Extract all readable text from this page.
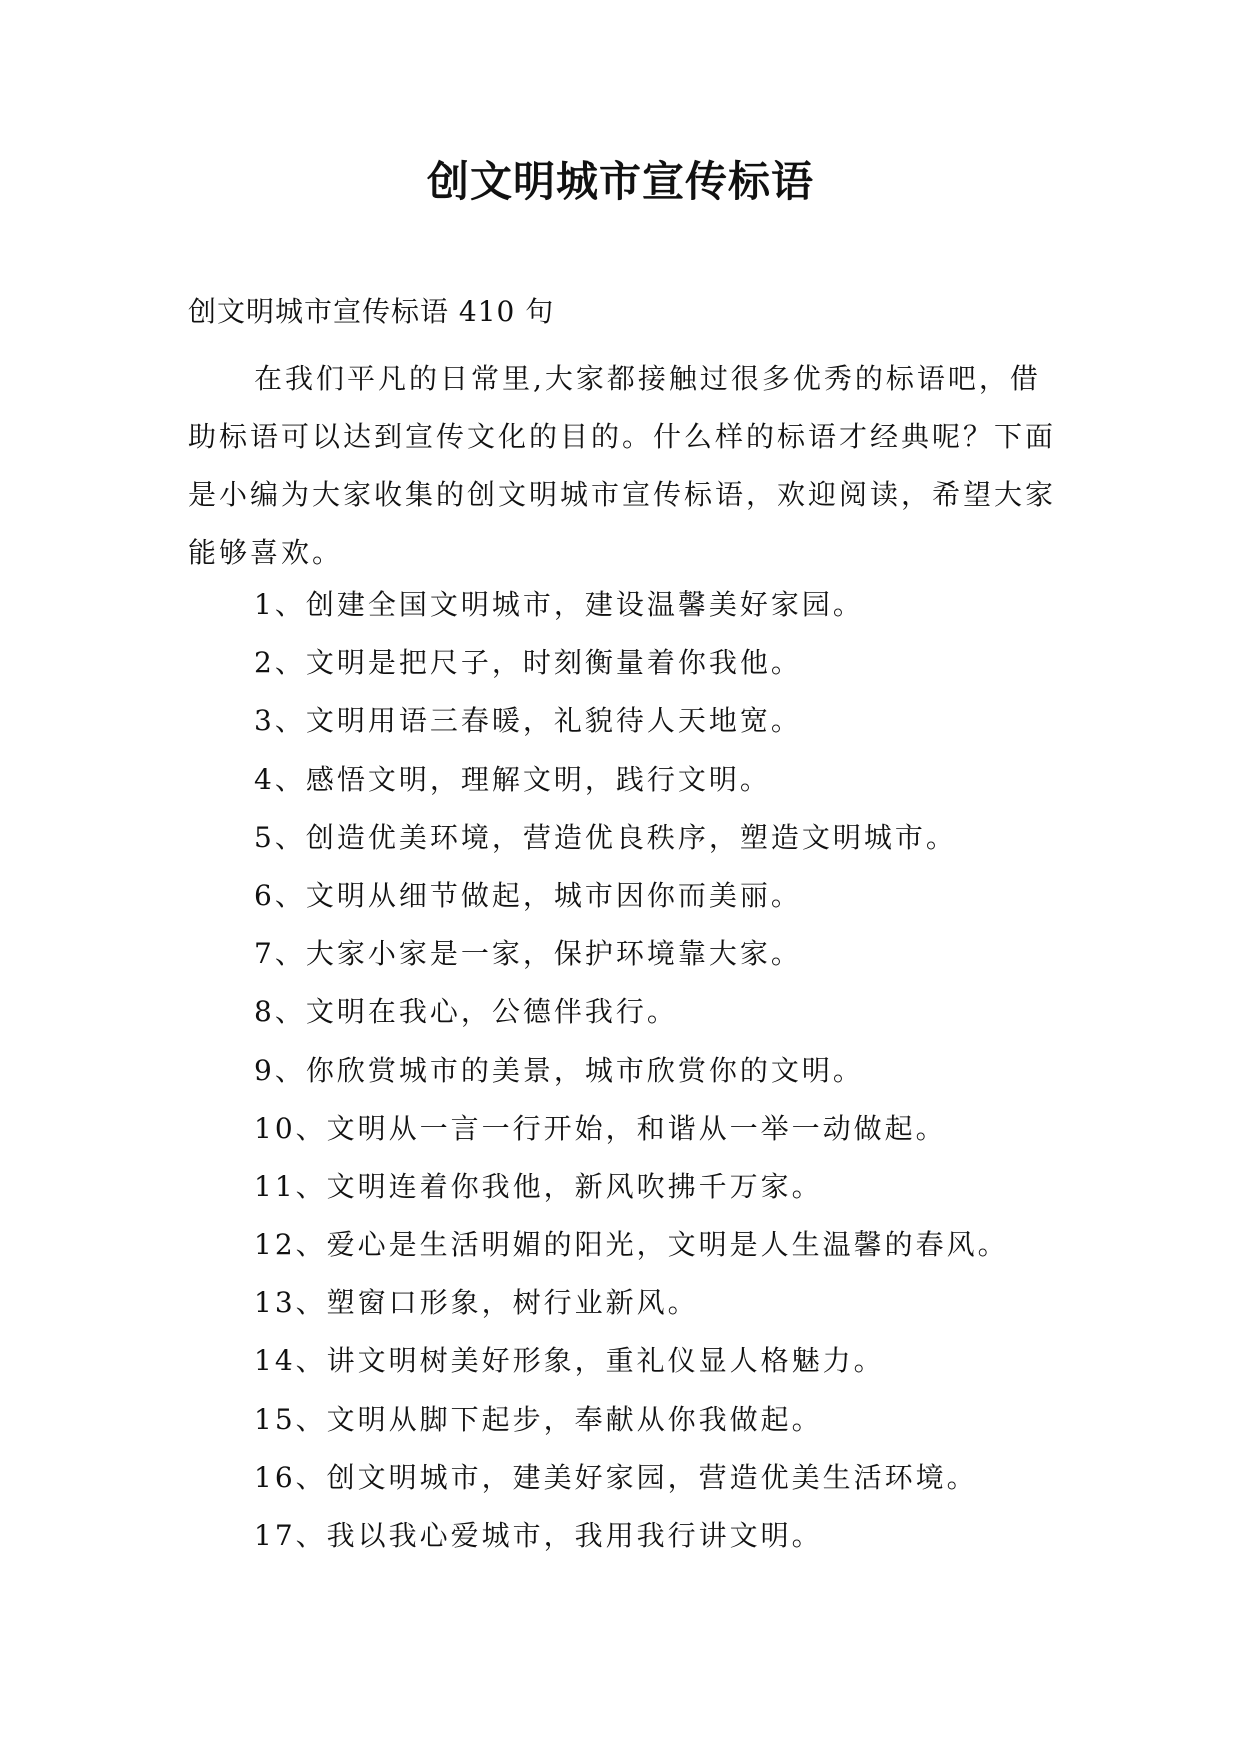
创文明城市宣传标语
创文明城市宣传标语 410 句

在我们平凡的日常里,大家都接触过很多优秀的标语吧，借助标语可以达到宣传文化的目的。什么样的标语才经典呢？下面是小编为大家收集的创文明城市宣传标语，欢迎阅读，希望大家能够喜欢。

1、创建全国文明城市，建设温馨美好家园。
2、文明是把尺子，时刻衡量着你我他。
3、文明用语三春暖，礼貌待人天地宽。
4、感悟文明，理解文明，践行文明。
5、创造优美环境，营造优良秩序，塑造文明城市。
6、文明从细节做起，城市因你而美丽。
7、大家小家是一家，保护环境靠大家。
8、文明在我心，公德伴我行。
9、你欣赏城市的美景，城市欣赏你的文明。
10、文明从一言一行开始，和谐从一举一动做起。
11、文明连着你我他，新风吹拂千万家。
12、爱心是生活明媚的阳光，文明是人生温馨的春风。
13、塑窗口形象，树行业新风。
14、讲文明树美好形象，重礼仪显人格魅力。
15、文明从脚下起步，奉献从你我做起。
16、创文明城市，建美好家园，营造优美生活环境。
17、我以我心爱城市，我用我行讲文明。
